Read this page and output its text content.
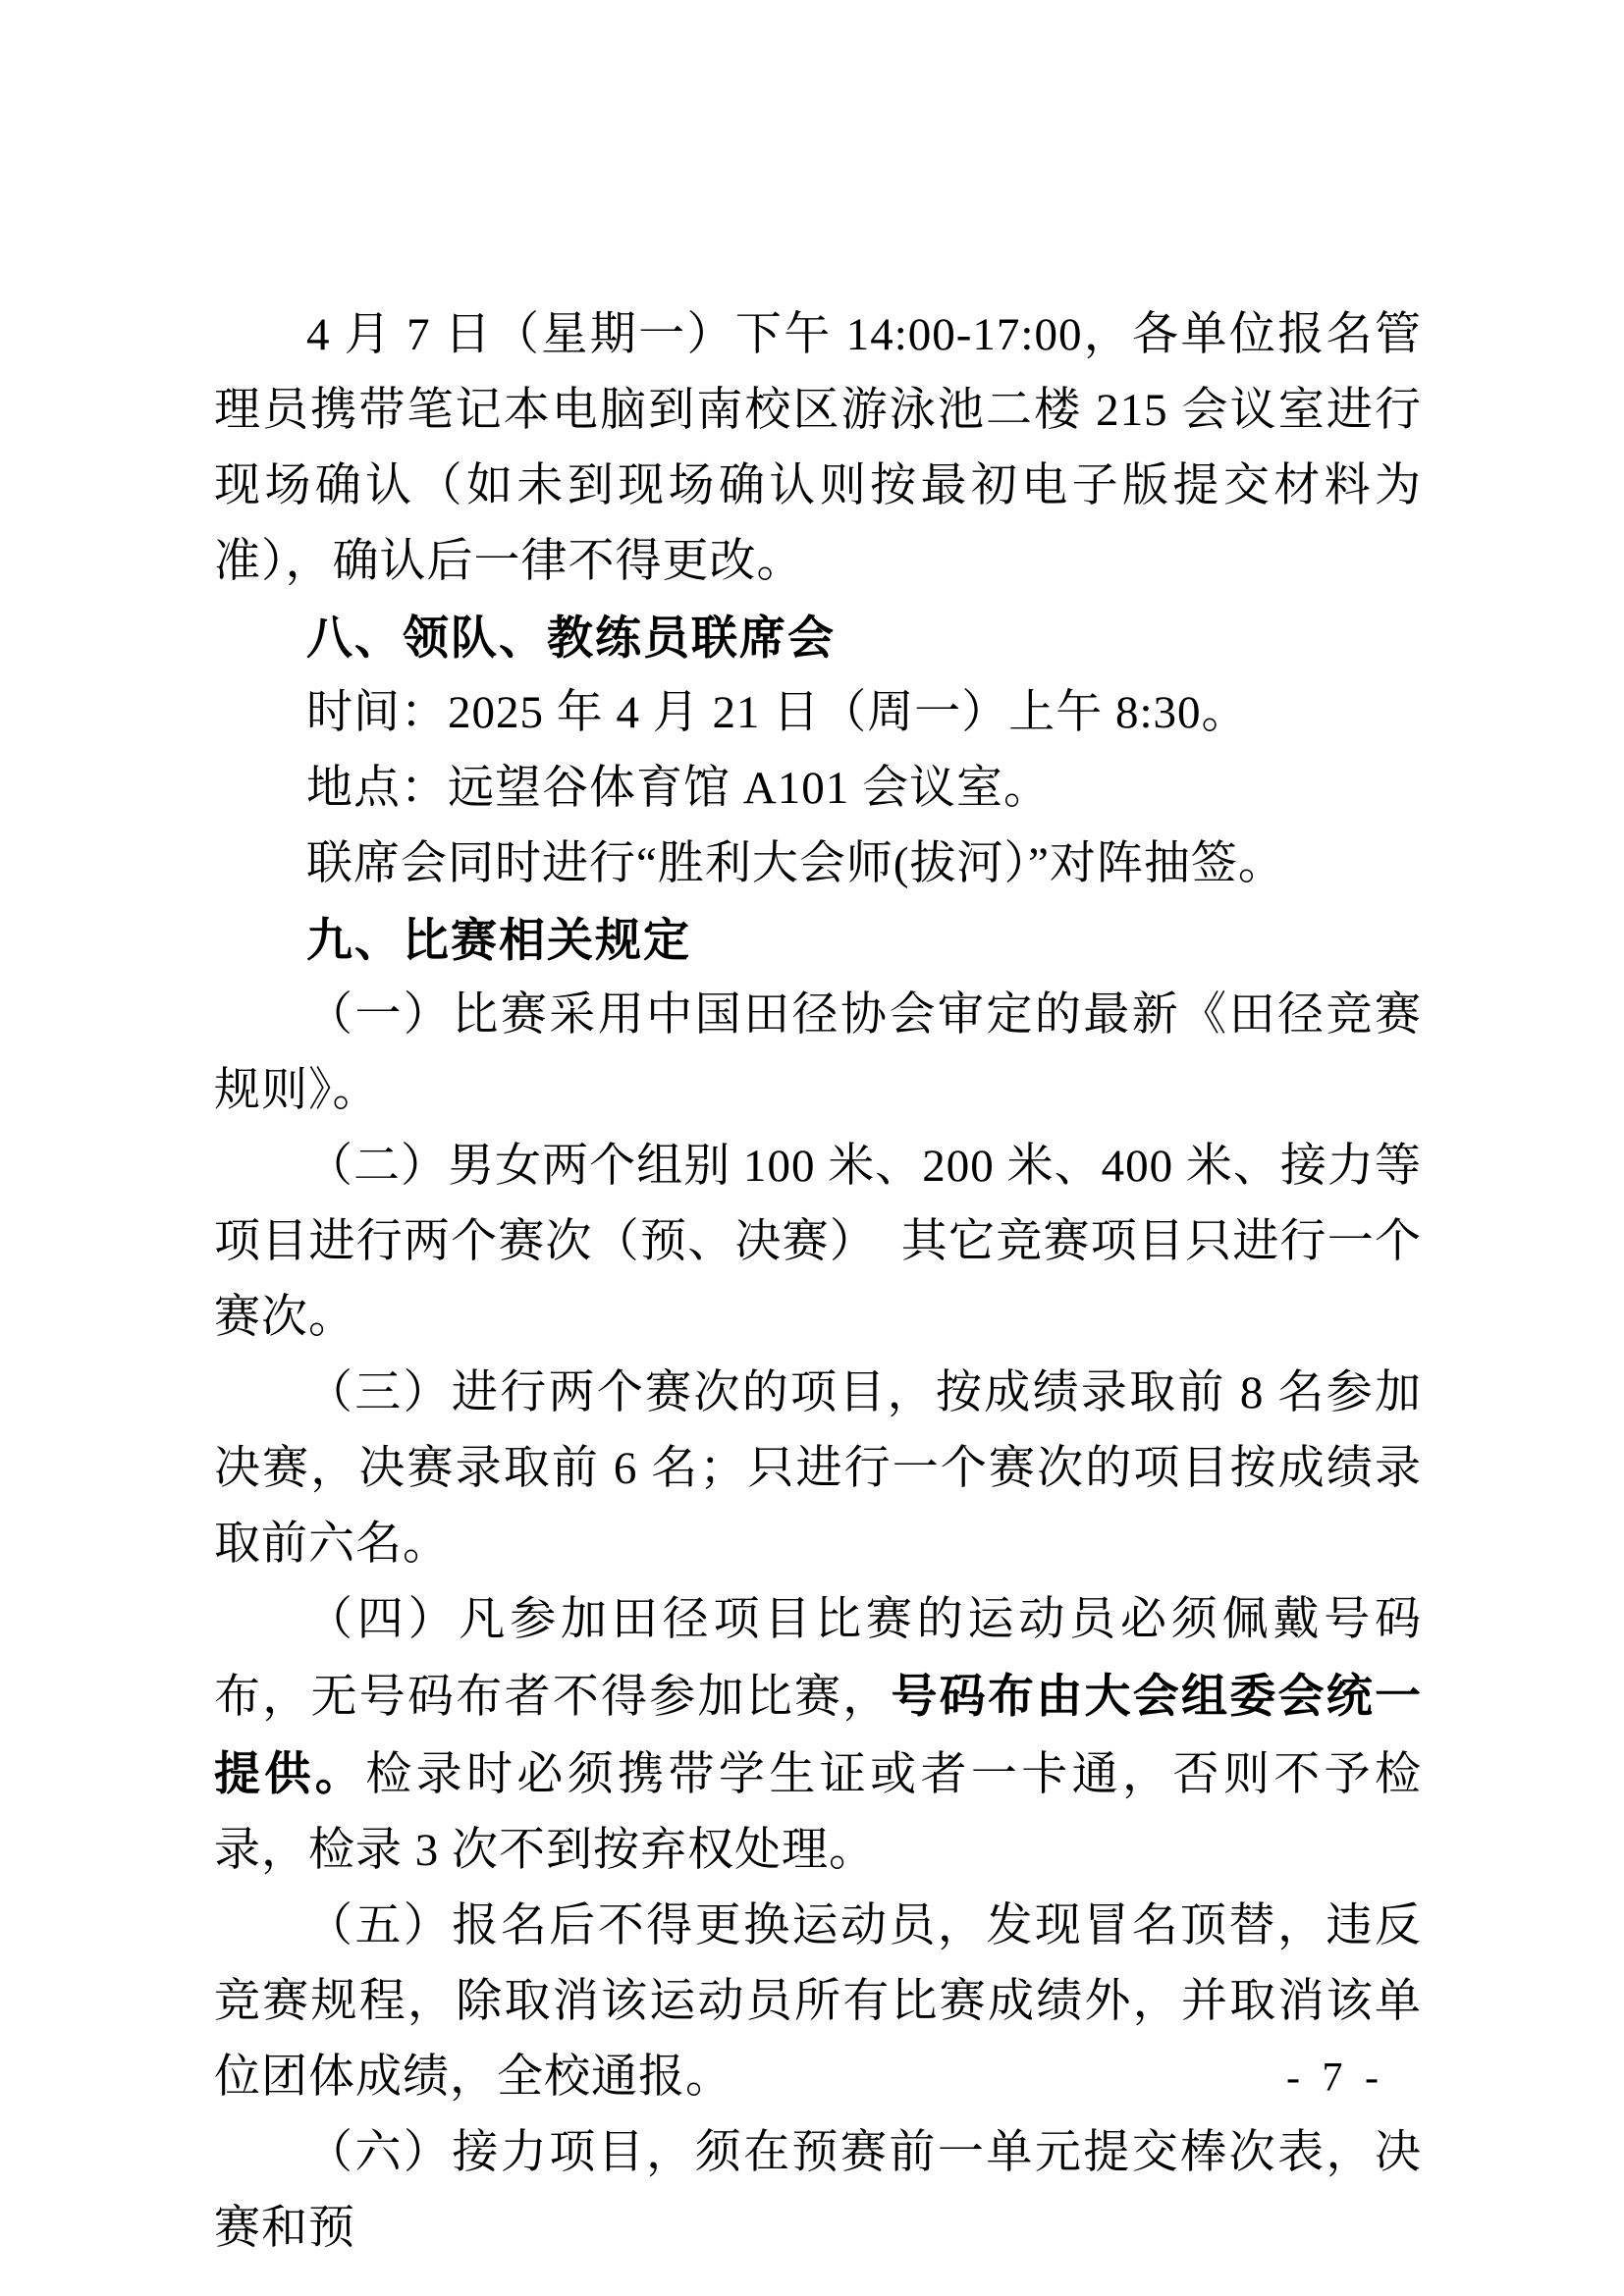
4 月 7 日（星期一）下午 14:00-17:00，各单位报名管理员携带笔记本电脑到南校区游泳池二楼 215 会议室进行现场确认（如未到现场确认则按最初电子版提交材料为准），确认后一律不得更改。

八、领队、教练员联席会

时间：2025 年 4 月 21 日（周一）上午 8:30。

地点：远望谷体育馆 A101 会议室。

联席会同时进行“胜利大会师(拔河）”对阵抽签。

九、比赛相关规定

（一）比赛采用中国田径协会审定的最新《田径竞赛规则》。

（二）男女两个组别 100 米、200 米、400 米、接力等项目进行两个赛次（预、决赛）　其它竞赛项目只进行一个赛次。

（三）进行两个赛次的项目，按成绩录取前 8 名参加决赛，决赛录取前 6 名；只进行一个赛次的项目按成绩录取前六名。

（四）凡参加田径项目比赛的运动员必须佩戴号码布，无号码布者不得参加比赛，号码布由大会组委会统一提供。检录时必须携带学生证或者一卡通，否则不予检录，检录 3 次不到按弃权处理。

（五）报名后不得更换运动员，发现冒名顶替，违反竞赛规程，除取消该运动员所有比赛成绩外，并取消该单位团体成绩，全校通报。

（六）接力项目，须在预赛前一单元提交棒次表，决赛和预

- 7 -
